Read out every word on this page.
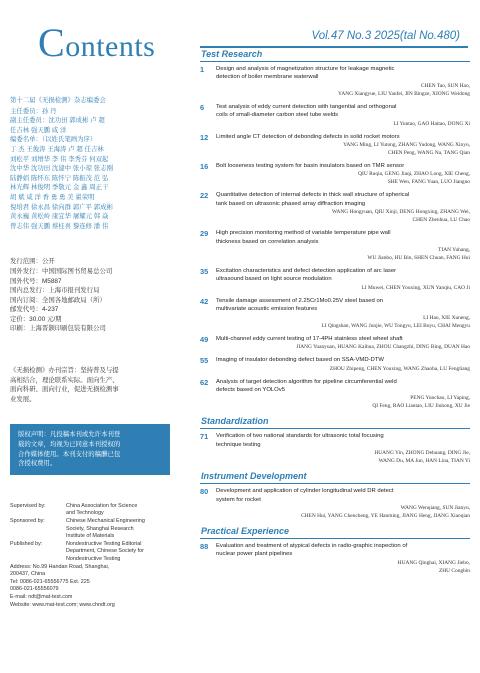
Contents	Vol.47 No.3 2025(tal No.480)
第十二届《无损检测》杂志编委会
主任委员：孙 丹
副主任委员：沈功田 郭成彬 卢 超
任吉林 强天鹏 咸 洋
编委名单：（以姓氏笔画为序）
丁 杰 王俊涛 王海涛 卢 超 任吉林
刘松平 刘增华 李 伟 李秀芬 何双起
沈中华 沈功田 沈建中 张小琼 张志刚
陆静娟 陈怀东 陈怀宁 陈振茂 范 弘
林光辉 林俊明 季敬元 金 鑫 周正干
胡 斌 咸 洋 香 勇 勇 美 翟荣明
倪培君 徐永昌 徐向群 郭广平 郭成彬
黄永巍 黄松岭 康宜华 屠耀元 韩 焱
曾志伟 强天鹏 蔡桂喜 黎连修 潘 伟
发行范围：公开
国外发行：中国国际图书贸易总公司
国外代号：M5887
国内总发行：上海市报刊发行局
国内订阅：全国各地邮政局（所）
邮发代号：4-237
定价：30.00 元/期
印刷：上海晋颢印刷包装有限公司
《无损检测》办刊宗旨：坚持普及与提
高相结合，理论联系实际。面向生产、
面向科研、面向行业，促进无损检测事
业发展。
版权声明：凡投稿本刊或允许本刊登
载的文章，均视为已同意本刊授权的
合作媒体使用。本刊支付的稿酬已包
含授权费用。
Supervised by:	China Association for Science
and Technology
Sponsored by:	Chinese Mechanical Engineering
Society, Shanghai Research
Institute of Materials
Published by:	Nondestructive Testing Editorial
Department, Chinese Society for
Nondestructive Testing
Address: No.99 Handan Road, Shanghai,
200437, China
Tel: 0086-021-65556775 Ext. 225
0086-021-65556079
E-mail: ndt@mat-test.com
Website: www.mat-test.com; www.chndt.org
Test Research
1	Design and analysis of magnetization structure for leakage magnetic
detection of boiler membrane waterwall
CHEN Tao, SUN Hao,
YANG Xiangyue, LIU Yanfei, JIN Bingze, XIONG Weidong
6	Test analysis of eddy current detection with tangential and orthogonal
coils of small-diameter carbon steel tube welds
LI Yuntao, GAO Haitao, DONG Xi
12	Limited angle CT detection of debonding defects in solid rocket motors
YANG Ming, LI Yutong, ZHANG Yudong, WANG Xinyu,
CHEN Peng, WANG Na, TANG Qian
16	Bolt looseness testing system for basin insulators based on TMR sensor
QIU Ruqia, GENG Jiaqi, ZHAO Long, XIE Cheng,
SHE Wen, FANG Yuan, LUO Jianguo
22	Quantitative detection of internal defects in thick wall structure of spherical
tank based on ultrasonic phased array diffraction imaging
WANG Hongyuan, QIU Xinji, DENG Hongxing, ZHANG Wei,
CHEN Zhenhua, LU Chao
29	High precision monitoring method of variable temperature pipe wall
thickness based on correlation analysis
TIAN Yuhang,
WU Jianbo, HU Bin, SHEN Chuan, FANG Hui
35	Excitation characteristics and defect detection application of arc laser
ultrasound based on light source modulation
LI Muwei, CHEN Youxing, XUN Yanqiu, CAO Ji
42	Tensile damage assessment of 2.25Cr1Mo0.25V steel based on
multivariate acoustic emission features
LI Hao, XIE Xuneng,
LI Qingshan, WANG Junjie, WU Tongyu, LEI Boyu, CHAI Mengyu
49	Multi-channel eddy current testing of 17-4PH stainless steel wheel shaft
JIANG Yuanyuan, HUANG Kaihua, ZHOU Changzhi, DING Bing, DUAN Hao
55	Imaging of insulator debonding defect based on SSA-VMD-DTW
ZHOU Zhipeng, CHEN Youxing, WANG Zhaoba, LU Fengliang
62	Analysis of target detection algorithm for pipeline circumferential weld
defects based on YOLOv5
PENG Yunchao, LI Yaping,
QI Feng, RAO Liantao, LIU Jiuhong, XU Jie
Standardization
71	Verification of two national standards for ultrasonic total focusing
technique testing
HUANG Yin, ZHONG Dehuang, DING Jie,
WANG Du, MA Jun, HAN Lina, TIAN Yi
Instrument Development
80	Development and application of cylinder longitudinal weld DR detect
system for rocket
WANG Wenqiang, SUN Jianyu,
CHEN Hui, YANG Chencheng, YE Hanming, JIANG Heng, JIANG Xiaoqian
Practical Experience
88	Evaluation and treatment of atypical defects in radio-graphic inspection of
nuclear power plant pipelines
HUANG Qinghai, XIANG Jiebo,
ZHU Congbin
